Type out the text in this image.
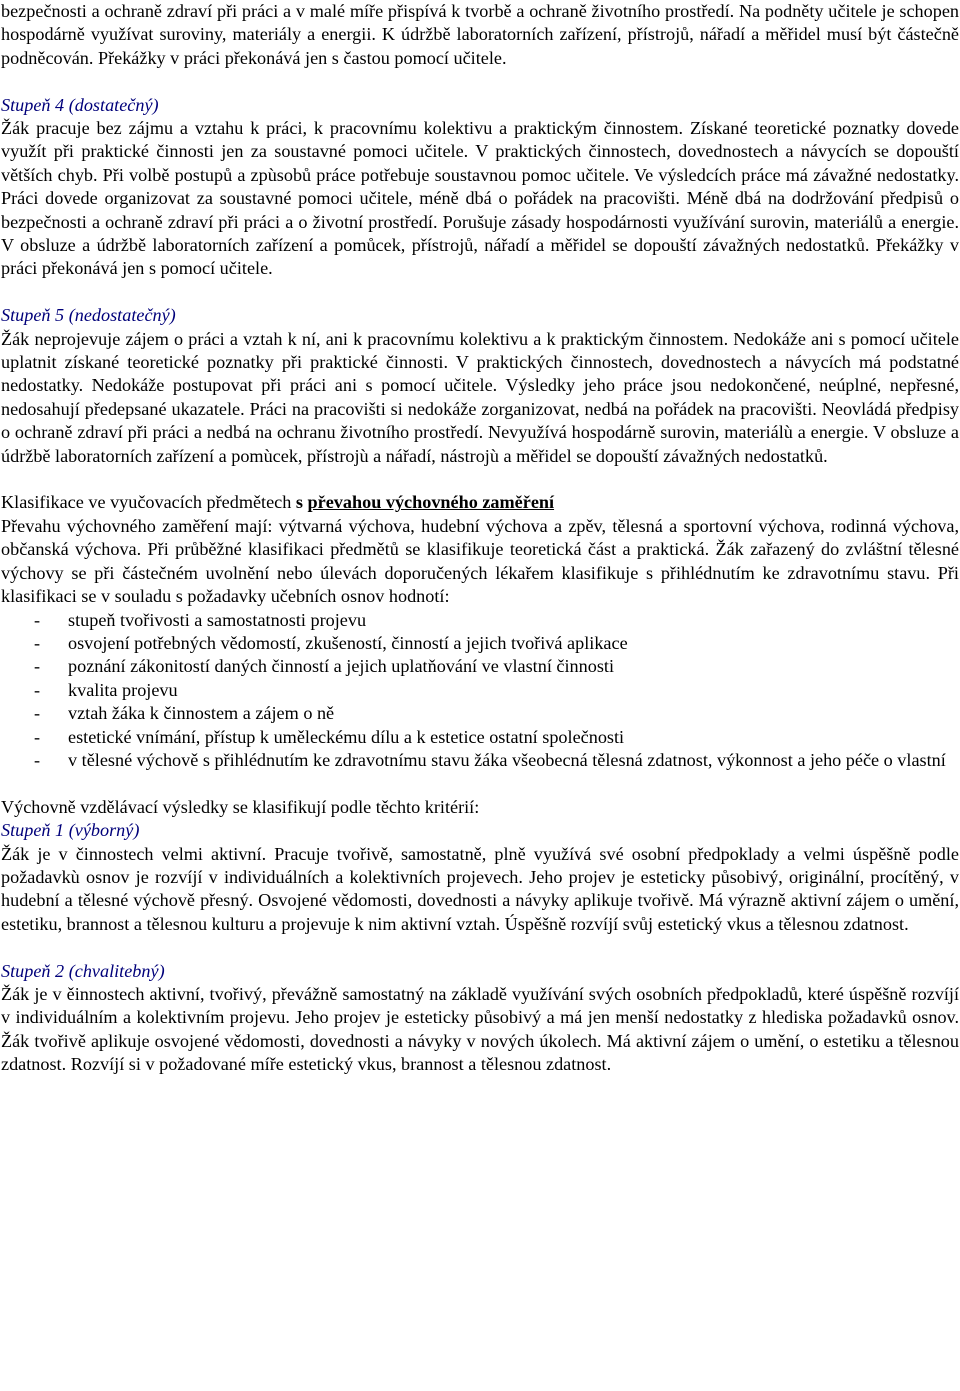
bezpečnosti a ochraně zdraví při práci a v malé míře přispívá k tvorbě a ochraně životního prostředí. Na podněty učitele je schopen hospodárně využívat suroviny, materiály a energii. K údržbě laboratorních zařízení, přístrojů, nářadí a měřidel musí být částečně podněcován. Překážky v práci překonává jen s častou pomocí učitele.

Stupeň 4 (dostatečný)

Žák pracuje bez zájmu a vztahu k práci, k pracovnímu kolektivu a praktickým činnostem. Získané teoretické poznatky dovede využít při praktické činnosti jen za soustavné pomoci učitele. V praktických činnostech, dovednostech a návycích se dopouští větších chyb. Při volbě postupů a zpùsobů práce potřebuje soustavnou pomoc učitele. Ve výsledcích práce má závažné nedostatky. Práci dovede organizovat za soustavné pomoci učitele, méně dbá o pořádek na pracovišti. Méně dbá na dodržování předpisů o bezpečnosti a ochraně zdraví při práci a o životní prostředí. Porušuje zásady hospodárnosti využívání surovin, materiálů a energie. V obsluze a údržbě laboratorních zařízení a pomůcek, přístrojů, nářadí a měřidel se dopouští závažných nedostatků. Překážky v práci překonává jen s pomocí učitele.

Stupeň 5 (nedostatečný)

Žák neprojevuje zájem o práci a vztah k ní, ani k pracovnímu kolektivu a k praktickým činnostem. Nedokáže ani s pomocí učitele uplatnit získané teoretické poznatky při praktické činnosti. V praktických činnostech, dovednostech a návycích má podstatné nedostatky. Nedokáže postupovat při práci ani s pomocí učitele. Výsledky jeho práce jsou nedokončené, neúplné, nepřesné, nedosahují předepsané ukazatele. Práci na pracovišti si nedokáže zorganizovat, nedbá na pořádek na pracovišti. Neovládá předpisy o ochraně zdraví při práci a nedbá na ochranu životního prostředí. Nevyužívá hospodárně surovin, materiálù a energie. V obsluze a údržbě laboratorních zařízení a pomùcek, přístrojù a nářadí, nástrojù a měřidel se dopouští závažných nedostatků.

Klasifikace ve vyučovacích předmětech s převahou výchovného zaměření

Převahu výchovného zaměření mají: výtvarná výchova, hudební výchova a zpěv, tělesná a sportovní výchova, rodinná výchova, občanská výchova. Při průběžné klasifikaci předmětů se klasifikuje teoretická část a praktická. Žák zařazený do zvláštní tělesné výchovy se při částečném uvolnění nebo úlevách doporučených lékařem klasifikuje s přihlédnutím ke zdravotnímu stavu. Při klasifikaci se v souladu s požadavky učebních osnov hodnotí:

- stupeň tvořivosti a samostatnosti projevu
- osvojení potřebných vědomostí, zkušeností, činností a jejich tvořivá aplikace
- poznání zákonitostí daných činností a jejich uplatňování ve vlastní činnosti
- kvalita projevu
- vztah žáka k činnostem a zájem o ně
- estetické vnímání, přístup k uměleckému dílu a k estetice ostatní společnosti
- v tělesné výchově s přihlédnutím ke zdravotnímu stavu žáka všeobecná tělesná zdatnost, výkonnost a jeho péče o vlastní

Výchovně vzdělávací výsledky se klasifikují podle těchto kritérií:

Stupeň 1 (výborný)

Žák je v činnostech velmi aktivní. Pracuje tvořivě, samostatně, plně využívá své osobní předpoklady a velmi úspěšně podle požadavkù osnov je rozvíjí v individuálních a kolektivních projevech. Jeho projev je esteticky působivý, originální, procítěný, v hudební a tělesné výchově přesný. Osvojené vědomosti, dovednosti a návyky aplikuje tvořivě. Má výrazně aktivní zájem o umění, estetiku, brannost a tělesnou kulturu a projevuje k nim aktivní vztah. Úspěšně rozvíjí svůj estetický vkus a tělesnou zdatnost.

Stupeň 2 (chvalitebný)

Žák je v ěinnostech aktivní, tvořivý, převážně samostatný na základě využívání svých osobních předpokladů, které úspěšně rozvíjí v individuálním a kolektivním projevu. Jeho projev je esteticky působivý a má jen menší nedostatky z hlediska požadavků osnov. Žák tvořivě aplikuje osvojené vědomosti, dovednosti a návyky v nových úkolech. Má aktivní zájem o umění, o estetiku a tělesnou zdatnost. Rozvíjí si v požadované míře estetický vkus, brannost a tělesnou zdatnost.
